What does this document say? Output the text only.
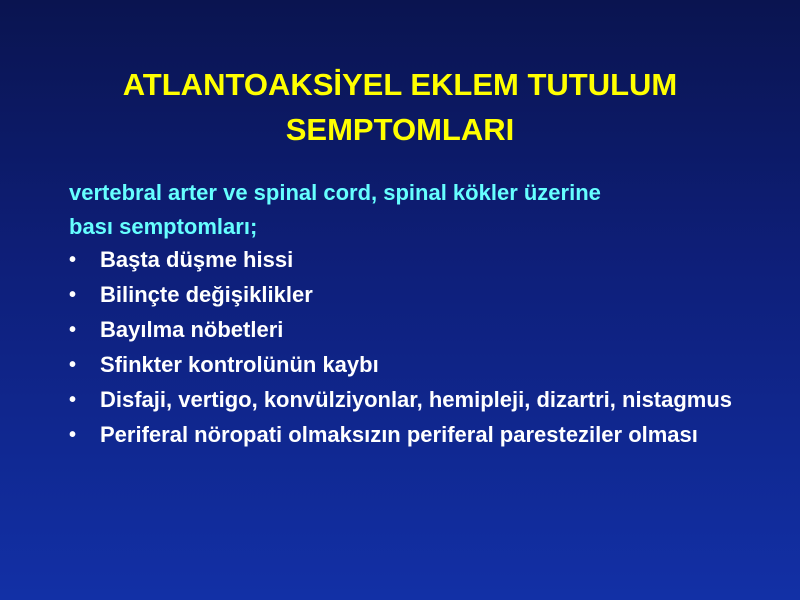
ATLANTOAKSİYEL EKLEM TUTULUM SEMPTOMLARI
vertebral arter ve spinal cord, spinal kökler üzerine
bası semptomları;
• Başta düşme hissi
• Bilinçte değişiklikler
• Bayılma nöbetleri
• Sfinkter kontrolünün kaybı
• Disfaji, vertigo, konvülziyonlar, hemipleji, dizartri, nistagmus
• Periferal nöropati olmaksızın periferal paresteziler olması
